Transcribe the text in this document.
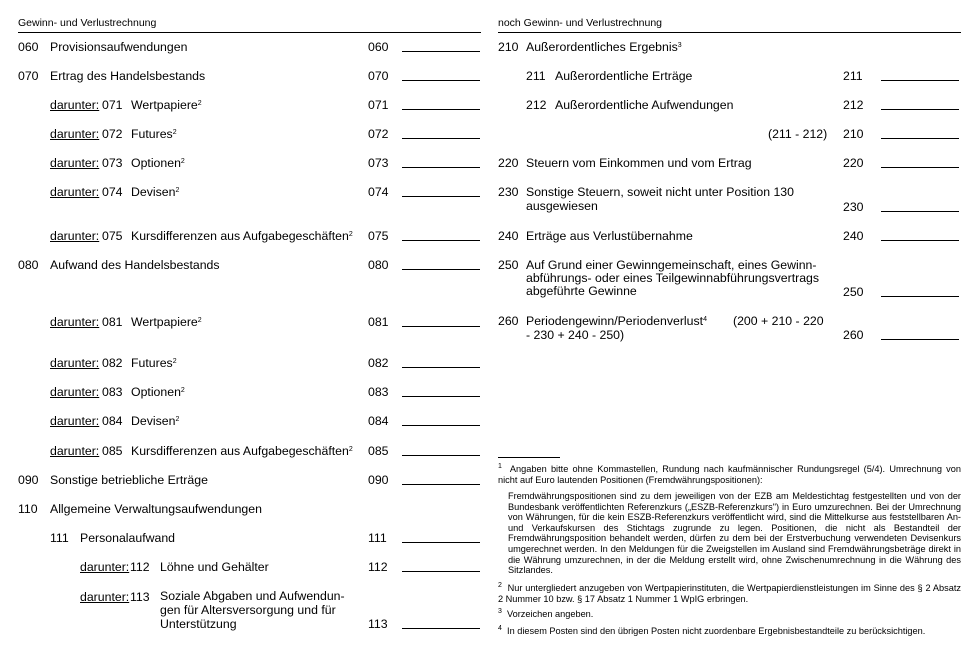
Gewinn- und Verlustrechnung	noch Gewinn- und Verlustrechnung
060 Provisionsaufwendungen	060
070 Ertrag des Handelsbestands	070
darunter: 071 Wertpapiere$^2$	071
darunter: 072 Futures$^2$	072
darunter: 073 Optionen$^2$	073
darunter: 074 Devisen$^2$	074
darunter: 075 Kursdifferenzen aus Aufgabegeschäften$^2$ 075
080 Aufwand des Handelsbestands	080
darunter: 081 Wertpapiere$^2$	081
darunter: 082 Futures$^2$	082
darunter: 083 Optionen$^2$	083
darunter: 084 Devisen$^2$	084
darunter: 085 Kursdifferenzen aus Aufgabegeschäften$^2$ 085
090 Sonstige betriebliche Erträge	090
110 Allgemeine Verwaltungsaufwendungen
111 Personalaufwand	111
darunter: 112 Löhne und Gehälter	112
darunter: 113 Soziale Abgaben und Aufwendun-
gen für Altersversorgung und für
Unterstützung	113
210 Außerordentliches Ergebnis$^3$
211 Außerordentliche Erträge	211
212 Außerordentliche Aufwendungen	212
(211 - 212) 210
220 Steuern vom Einkommen und vom Ertrag	220
230 Sonstige Steuern, soweit nicht unter Position 130
ausgewiesen	230
240 Erträge aus Verlustübernahme	240
250 Auf Grund einer Gewinngemeinschaft, eines Gewinn-
abführungs- oder eines Teilgewinnabführungsvertrags
abgeführte Gewinne	250
260 Periodengewinn/Periodenverlust$^4$ (200 + 210 - 220
- 230 + 240 - 250)	260
$^1$ Angaben bitte ohne Kommastellen, Rundung nach kaufmännischer Rundungsregel (5/4). Umrechnung von nicht auf Euro lautenden Positionen (Fremdwährungspositionen):
Fremdwährungspositionen sind zu dem jeweiligen von der EZB am Meldestichtag festgestellten und von der Bundesbank veröffentlichten Referenzkurs („ESZB-Referenzkurs") in Euro umzurechnen. Bei der Umrechnung von Währungen, für die kein ESZB-Referenzkurs veröffentlicht wird, sind die Mittelkurse aus feststellbaren An- und Verkaufskursen des Stichtags zugrunde zu legen. Positionen, die nicht als Bestandteil der Fremdwährungsposition behandelt werden, dürfen zu dem bei der Erstverbuchung verwendeten Devisenkurs umgerechnet werden. In den Meldungen für die Zweigstellen im Ausland sind Fremdwährungsbeträge direkt in die Währung umzurechnen, in der die Meldung erstellt wird, ohne Zwischenumrechnung in die Währung des Sitzlandes.
$^2$ Nur untergliedert anzugeben von Wertpapierinstituten, die Wertpapierdienstleistungen im Sinne des § 2 Absatz 2 Nummer 10 bzw. § 17 Absatz 1 Nummer 1 WpIG erbringen.
$^3$ Vorzeichen angeben.
$^4$ In diesem Posten sind den übrigen Posten nicht zuordenbare Ergebnisbestandteile zu berücksichtigen.
